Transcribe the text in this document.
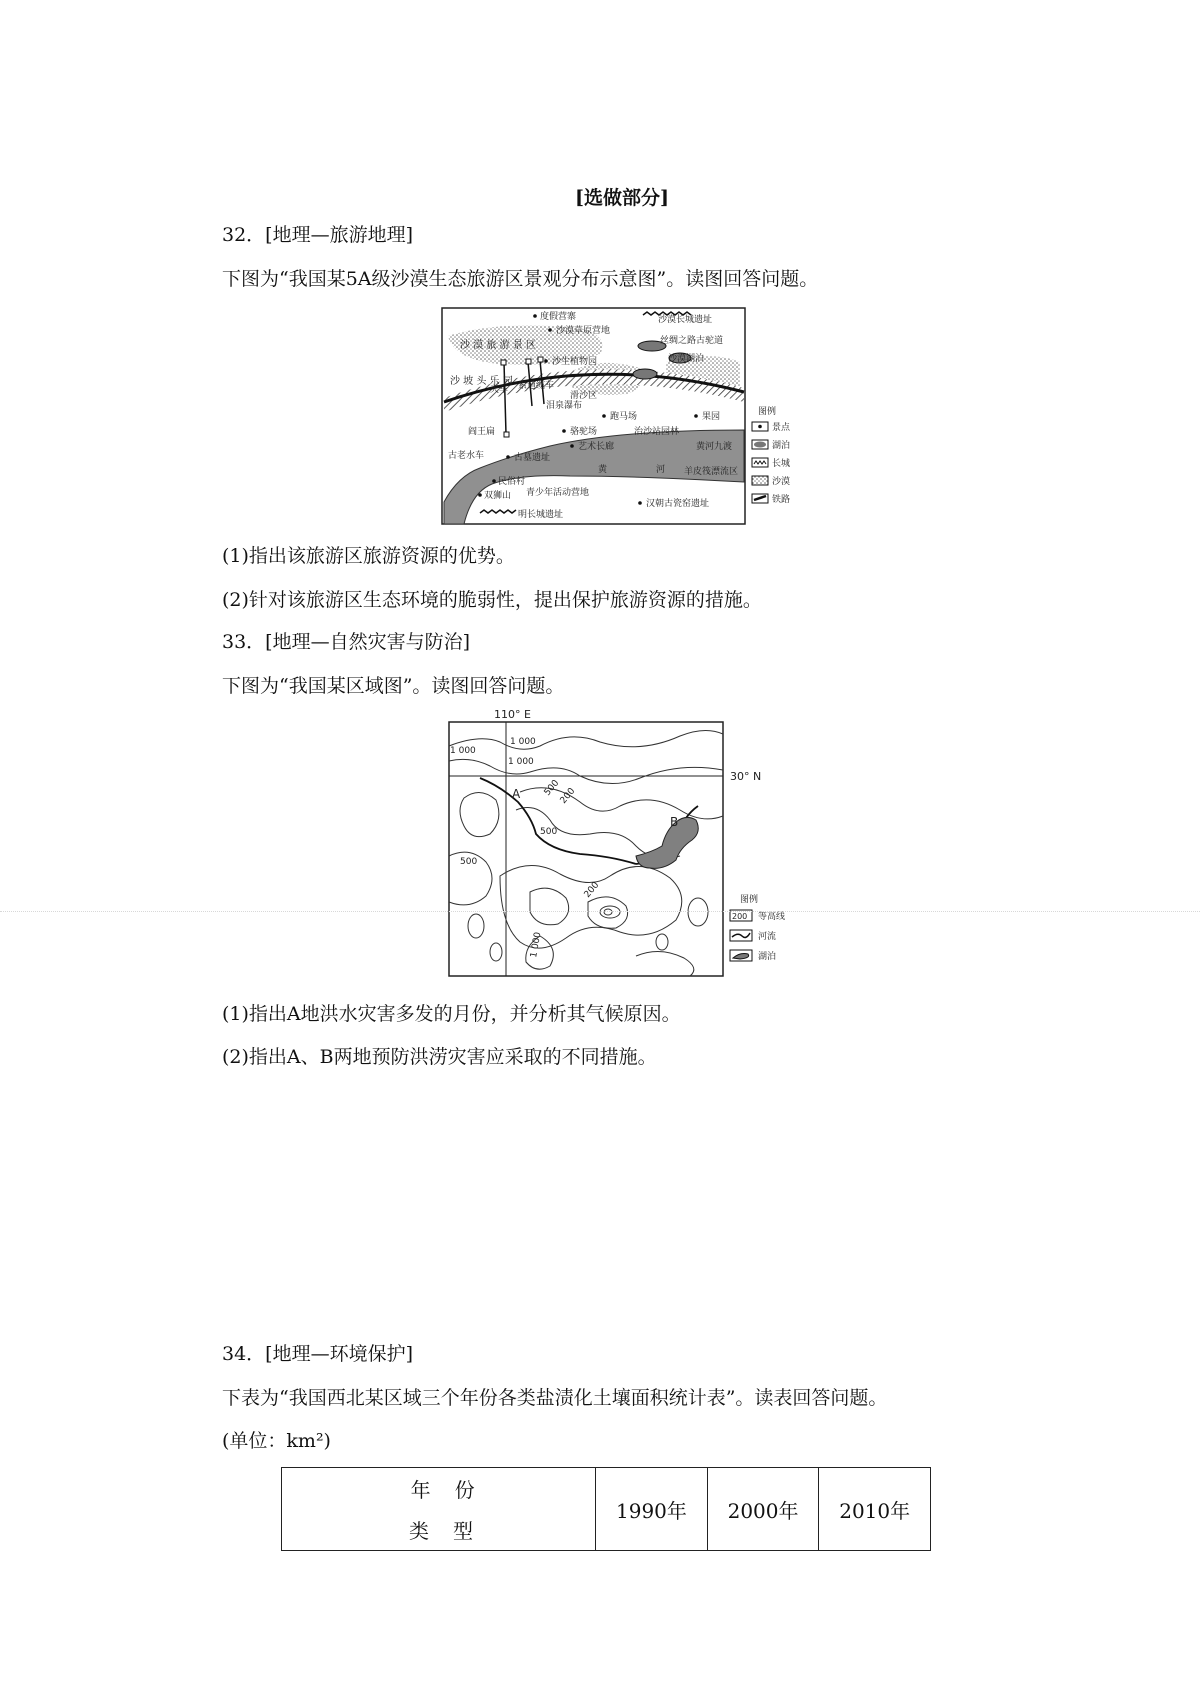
[选做部分]
32．[地理—旅游地理]
下图为“我国某5A级沙漠生态旅游区景观分布示意图”。读图回答问题。
度假营寨
沙漠草原营地
沙漠长城遗址
丝绸之路古驼道
沙漠湖泊
沙 漠 旅 游 景 区
沙生植物园
沙 坡 头 乐 园
天车 索道缆车
滑沙区
泪泉瀑布
跑马场	果园
阎王扁	骆驼场	治沙站园林
艺术长廊	黄河九渡
古老水车	古墓遗址
黄	河 羊皮筏漂流区
民俗村
青少年活动营地
双狮山
汉朝古瓷窑遗址
明长城遗址
图例
景点
湖泊
长城
沙漠
铁路
(1)指出该旅游区旅游资源的优势。
(2)针对该旅游区生态环境的脆弱性，提出保护旅游资源的措施。
33．[地理—自然灾害与防治]
下图为“我国某区域图”。读图回答问题。
110° E
30° N
A
B
1 000
1 000
1 000
500
200
500
500
200
1 000
图例
200 等高线
河流
湖泊
(1)指出A地洪水灾害多发的月份，并分析其气候原因。
(2)指出A、B两地预防洪涝灾害应采取的不同措施。
34．[地理—环境保护]
下表为“我国西北某区域三个年份各类盐渍化土壤面积统计表”。读表回答问题。
(单位：km²)
年　份
类　型
	1990年	2000年	2010年
